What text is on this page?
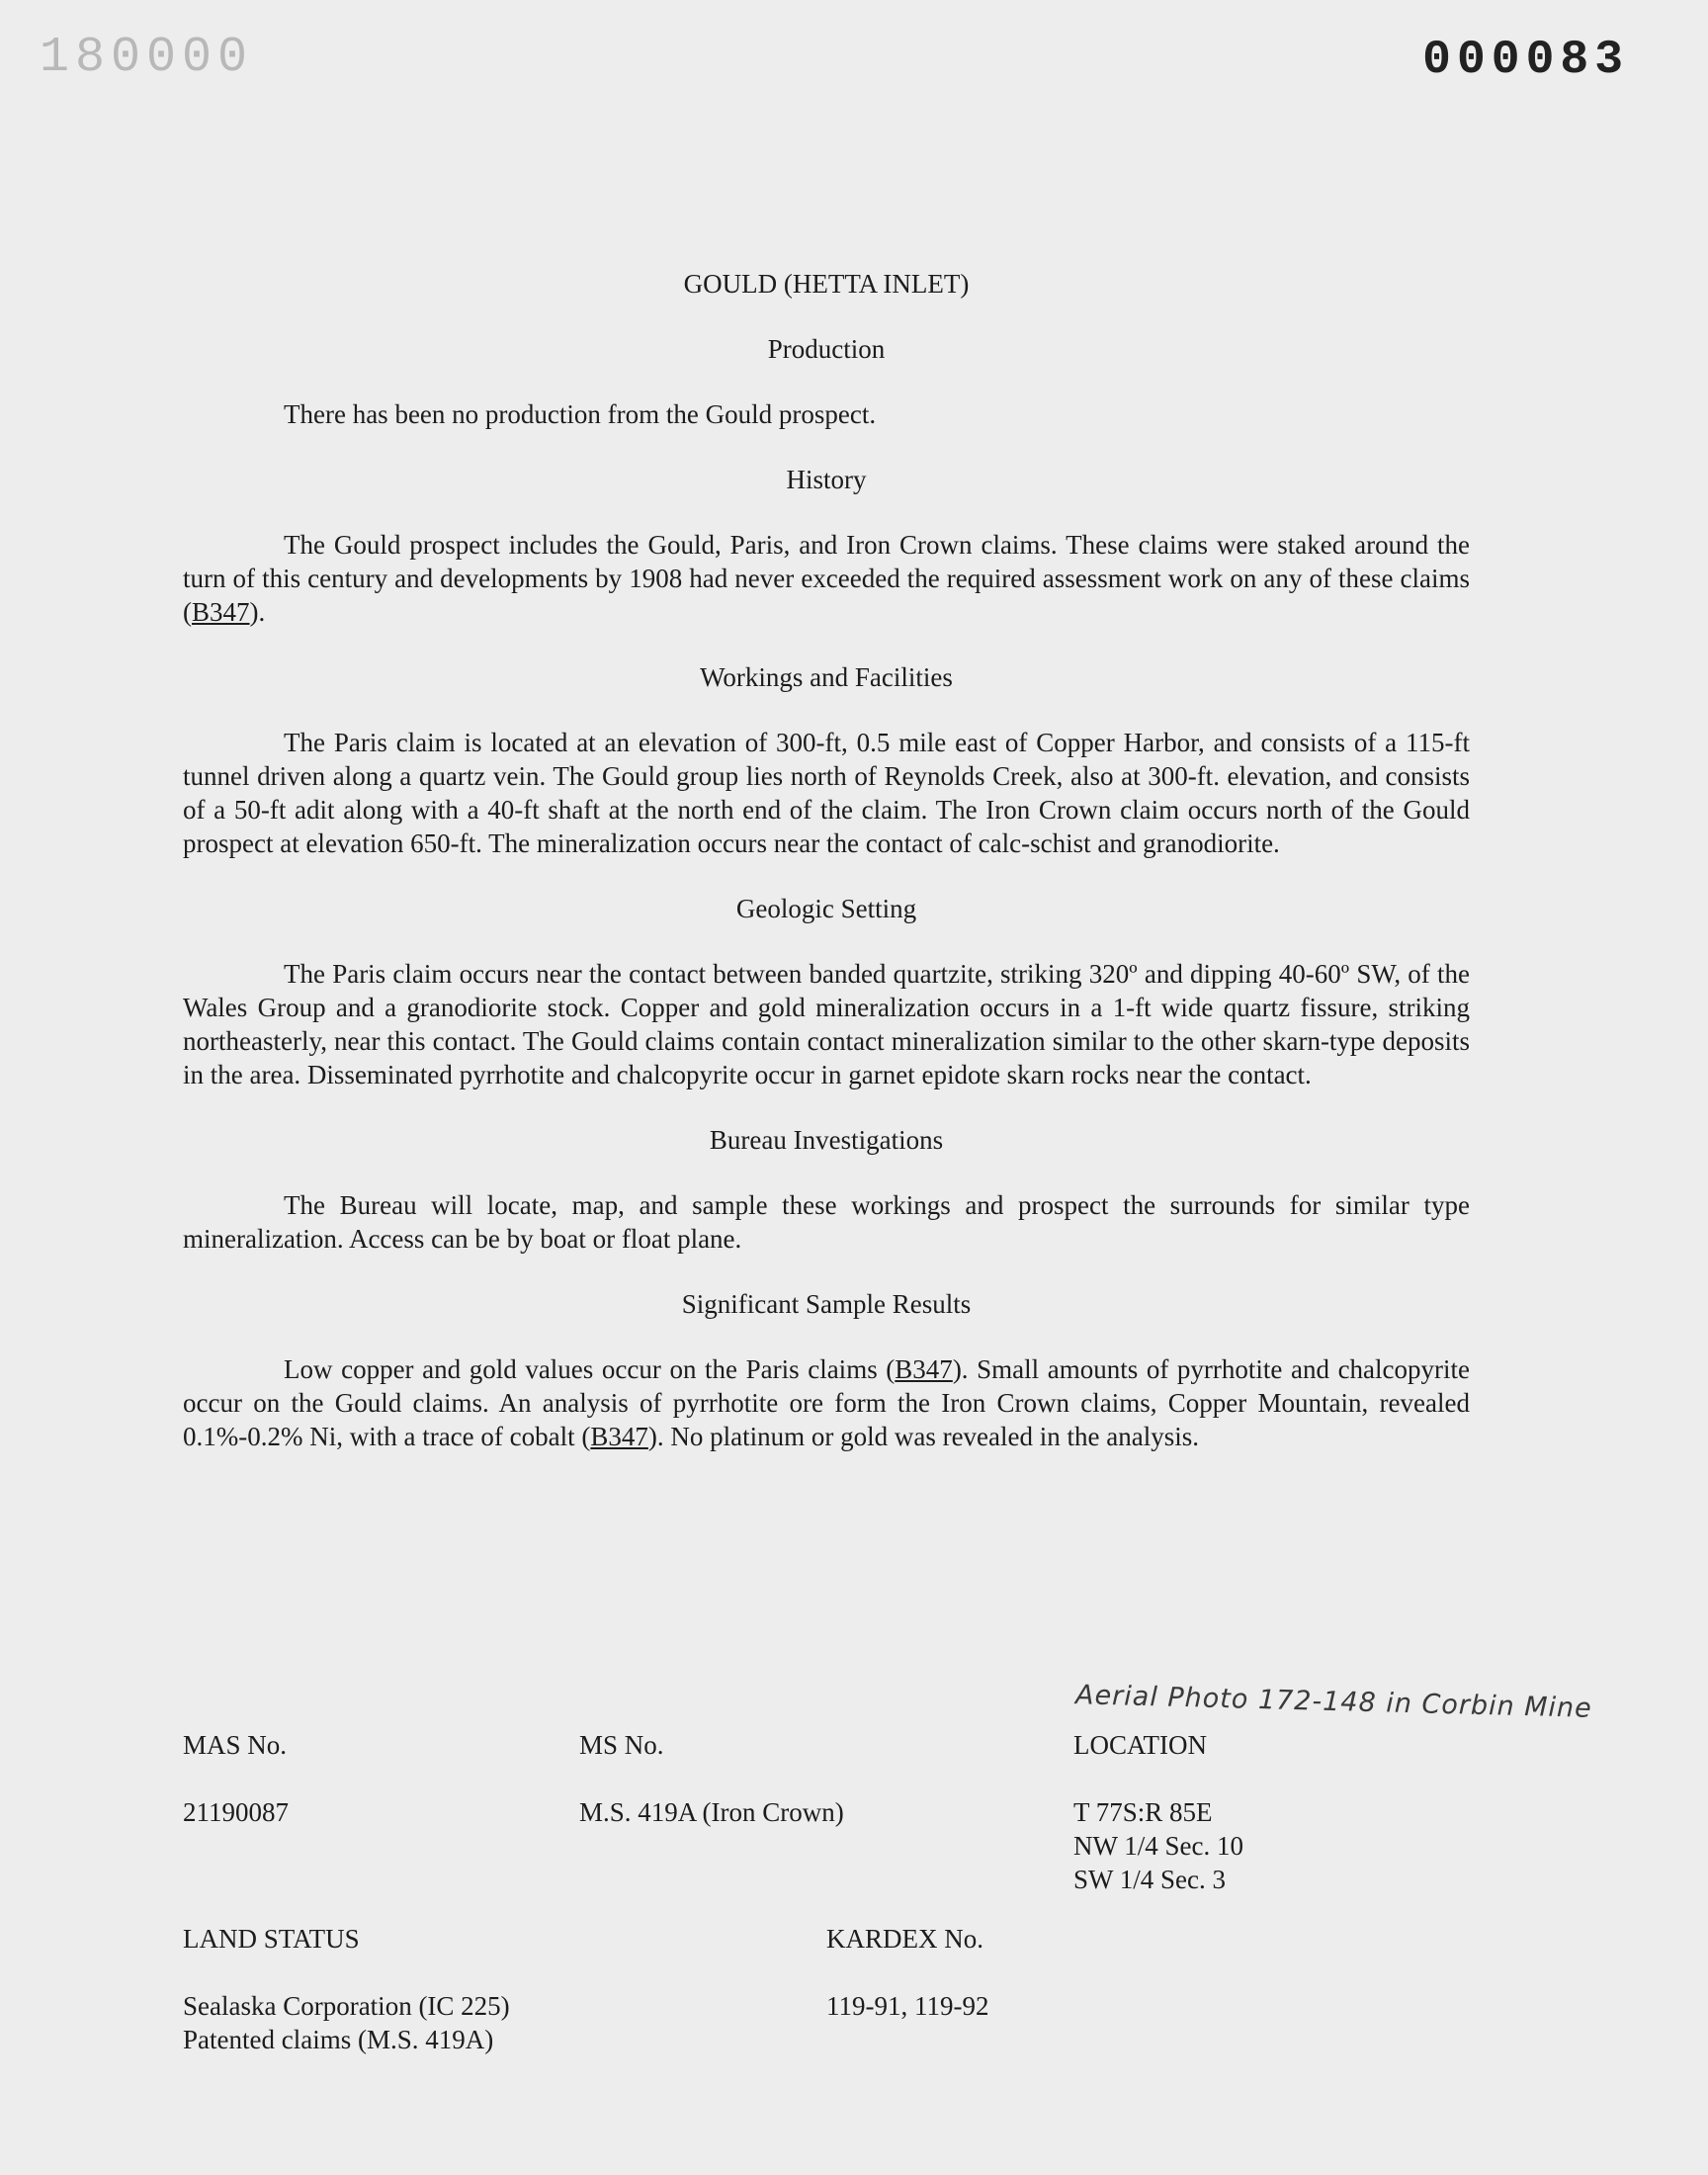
180000	000083
GOULD (HETTA INLET)
Production
There has been no production from the Gould prospect.
History
The Gould prospect includes the Gould, Paris, and Iron Crown claims. These claims were staked around the turn of this century and developments by 1908 had never exceeded the required assessment work on any of these claims (B347).
Workings and Facilities
The Paris claim is located at an elevation of 300-ft, 0.5 mile east of Copper Harbor, and consists of a 115-ft tunnel driven along a quartz vein. The Gould group lies north of Reynolds Creek, also at 300-ft. elevation, and consists of a 50-ft adit along with a 40-ft shaft at the north end of the claim. The Iron Crown claim occurs north of the Gould prospect at elevation 650-ft. The mineralization occurs near the contact of calc-schist and granodiorite.
Geologic Setting
The Paris claim occurs near the contact between banded quartzite, striking 320º and dipping 40-60º SW, of the Wales Group and a granodiorite stock. Copper and gold mineralization occurs in a 1-ft wide quartz fissure, striking northeasterly, near this contact. The Gould claims contain contact mineralization similar to the other skarn-type deposits in the area. Disseminated pyrrhotite and chalcopyrite occur in garnet epidote skarn rocks near the contact.
Bureau Investigations
The Bureau will locate, map, and sample these workings and prospect the surrounds for similar type mineralization. Access can be by boat or float plane.
Significant Sample Results
Low copper and gold values occur on the Paris claims (B347). Small amounts of pyrrhotite and chalcopyrite occur on the Gould claims. An analysis of pyrrhotite ore form the Iron Crown claims, Copper Mountain, revealed 0.1%-0.2% Ni, with a trace of cobalt (B347). No platinum or gold was revealed in the analysis.
Aerial Photo 172-148 in Corbin Mine
MAS No.
21190087
MS No.
M.S. 419A (Iron Crown)
LOCATION
T 77S:R 85E
NW 1/4 Sec. 10
SW 1/4 Sec. 3
LAND STATUS
Sealaska Corporation (IC 225)
Patented claims (M.S. 419A)
KARDEX No.
119-91, 119-92
